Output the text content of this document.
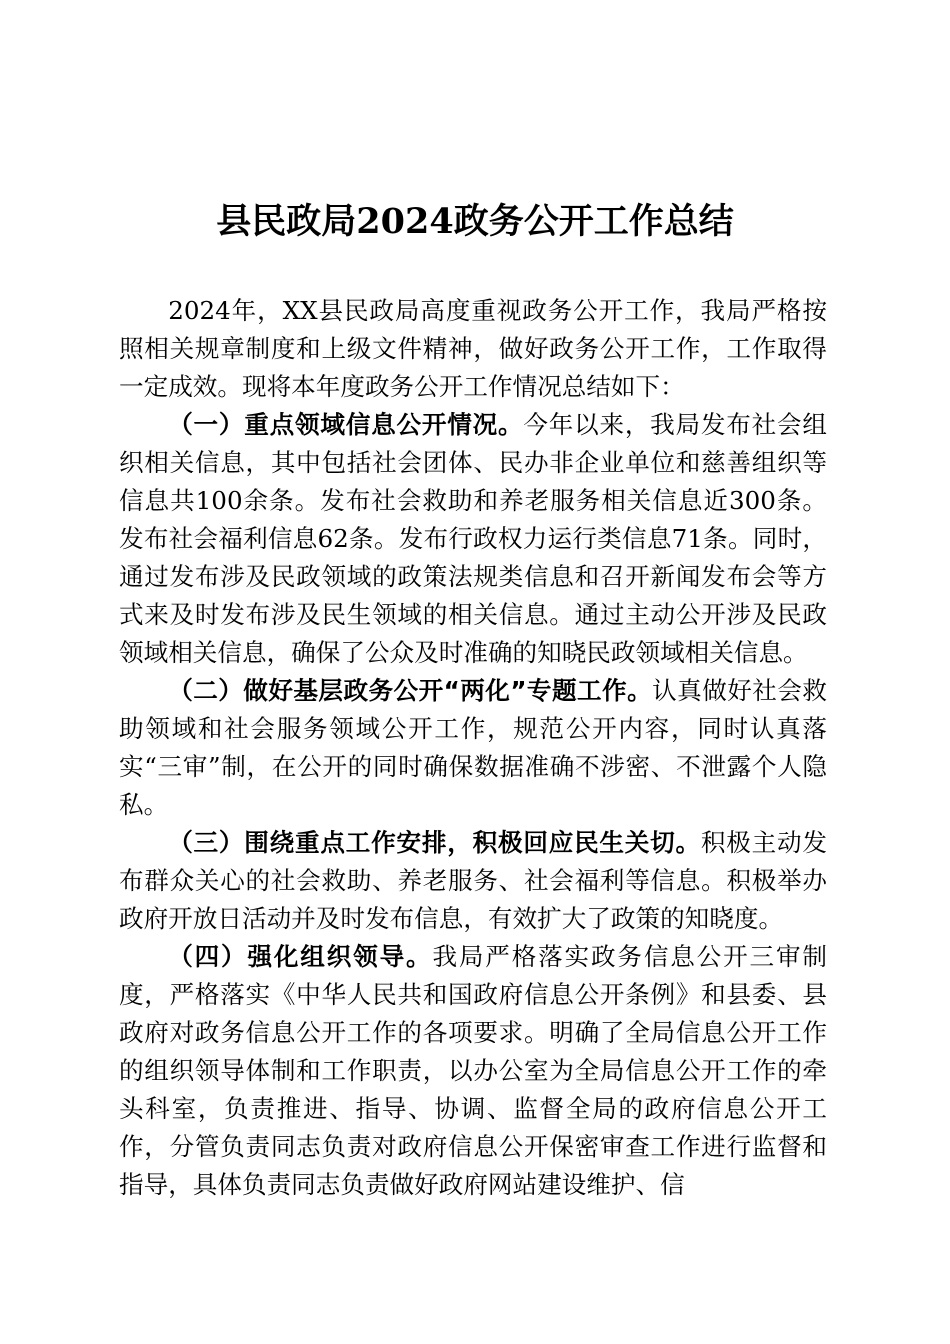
县民政局2024政务公开工作总结

2024年，XX县民政局高度重视政务公开工作，我局严格按照相关规章制度和上级文件精神，做好政务公开工作，工作取得一定成效。现将本年度政务公开工作情况总结如下：

（一）重点领域信息公开情况。今年以来，我局发布社会组织相关信息，其中包括社会团体、民办非企业单位和慈善组织等信息共100余条。发布社会救助和养老服务相关信息近300条。发布社会福利信息62条。发布行政权力运行类信息71条。同时，通过发布涉及民政领域的政策法规类信息和召开新闻发布会等方式来及时发布涉及民生领域的相关信息。通过主动公开涉及民政领域相关信息，确保了公众及时准确的知晓民政领域相关信息。

（二）做好基层政务公开“两化”专题工作。认真做好社会救助领域和社会服务领域公开工作，规范公开内容，同时认真落实“三审”制，在公开的同时确保数据准确不涉密、不泄露个人隐私。

（三）围绕重点工作安排，积极回应民生关切。积极主动发布群众关心的社会救助、养老服务、社会福利等信息。积极举办政府开放日活动并及时发布信息，有效扩大了政策的知晓度。

（四）强化组织领导。我局严格落实政务信息公开三审制度，严格落实《中华人民共和国政府信息公开条例》和县委、县政府对政务信息公开工作的各项要求。明确了全局信息公开工作的组织领导体制和工作职责，以办公室为全局信息公开工作的牵头科室，负责推进、指导、协调、监督全局的政府信息公开工作，分管负责同志负责对政府信息公开保密审查工作进行监督和指导，具体负责同志负责做好政府网站建设维护、信
